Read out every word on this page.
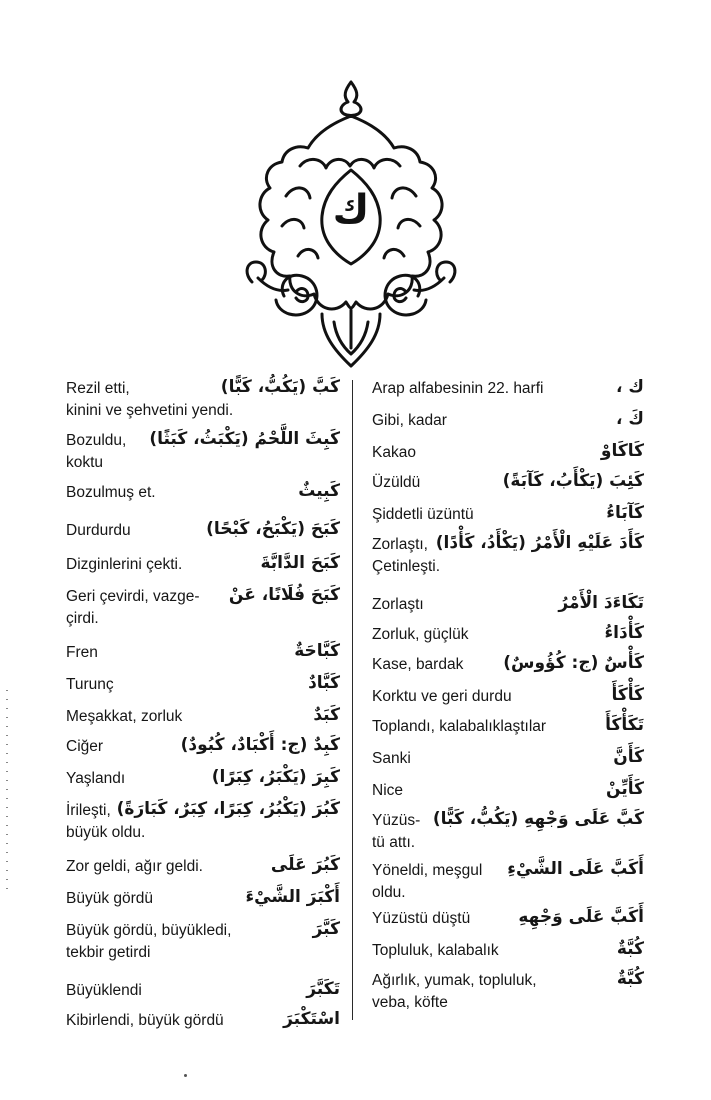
ك
كَبَّ (يَكُبُّ، كَبًّا)
Rezil etti,
kinini ve şehvetini yendi.
كَبِثَ اللَّحْمُ (يَكْبَثُ، كَبَثًا)
Bozuldu,
koktu
كَبِيثٌ
Bozulmuş et.
كَبَحَ (يَكْبَحُ، كَبْحًا)
Durdurdu
كَبَحَ الدَّابَّةَ
Dizginlerini çekti.
كَبَحَ فُلَانًا، عَنْ
Geri çevirdi, vazge-
çirdi.
كَبَّاحَةٌ
Fren
كَبَّادٌ
Turunç
كَبَدٌ
Meşakkat, zorluk
كَبِدٌ (ج: أَكْبَادٌ، كُبُودٌ)
Ciğer
كَبِرَ (يَكْبَرُ، كِبَرًا)
Yaşlandı
كَبُرَ (يَكْبُرُ، كِبَرًا، كِبَرٌ، كَبَارَةً)
İrileşti,
büyük oldu.
كَبُرَ عَلَى
Zor geldi, ağır geldi.
أَكْبَرَ الشَّيْءَ
Büyük gördü
كَبَّرَ
Büyük gördü, büyükledi,
tekbir getirdi
تَكَبَّرَ
Büyüklendi
اسْتَكْبَرَ
Kibirlendi, büyük gördü
ك ،
Arap alfabesinin 22. harfi
كَ ،
Gibi, kadar
كَاكَاوْ
Kakao
كَئِبَ (يَكْأَبُ، كَآبَةً)
Üzüldü
كَآبَاءُ
Şiddetli üzüntü
كَأَدَ عَلَيْهِ الْأَمْرُ (يَكْأَدُ، كَأْدًا)
Zorlaştı,
Çetinleşti.
تَكَاءَدَ الْأَمْرُ
Zorlaştı
كَأْدَاءُ
Zorluk, güçlük
كَأْسٌ (ج: كُؤُوسٌ)
Kase, bardak
كَأْكَأَ
Korktu ve geri durdu
تَكَأْكَأَ
Toplandı, kalabalıklaştılar
كَأَنَّ
Sanki
كَأَيِّنْ
Nice
كَبَّ عَلَى وَجْهِهِ (يَكُبُّ، كَبًّا)
Yüzüs-
tü attı.
أَكَبَّ عَلَى الشَّيْءِ
Yöneldi, meşgul
oldu.
أَكَبَّ عَلَى وَجْهِهِ
Yüzüstü düştü
كُبَّةٌ
Topluluk, kalabalık
كُبَّةٌ
Ağırlık, yumak, topluluk,
veba, köfte
